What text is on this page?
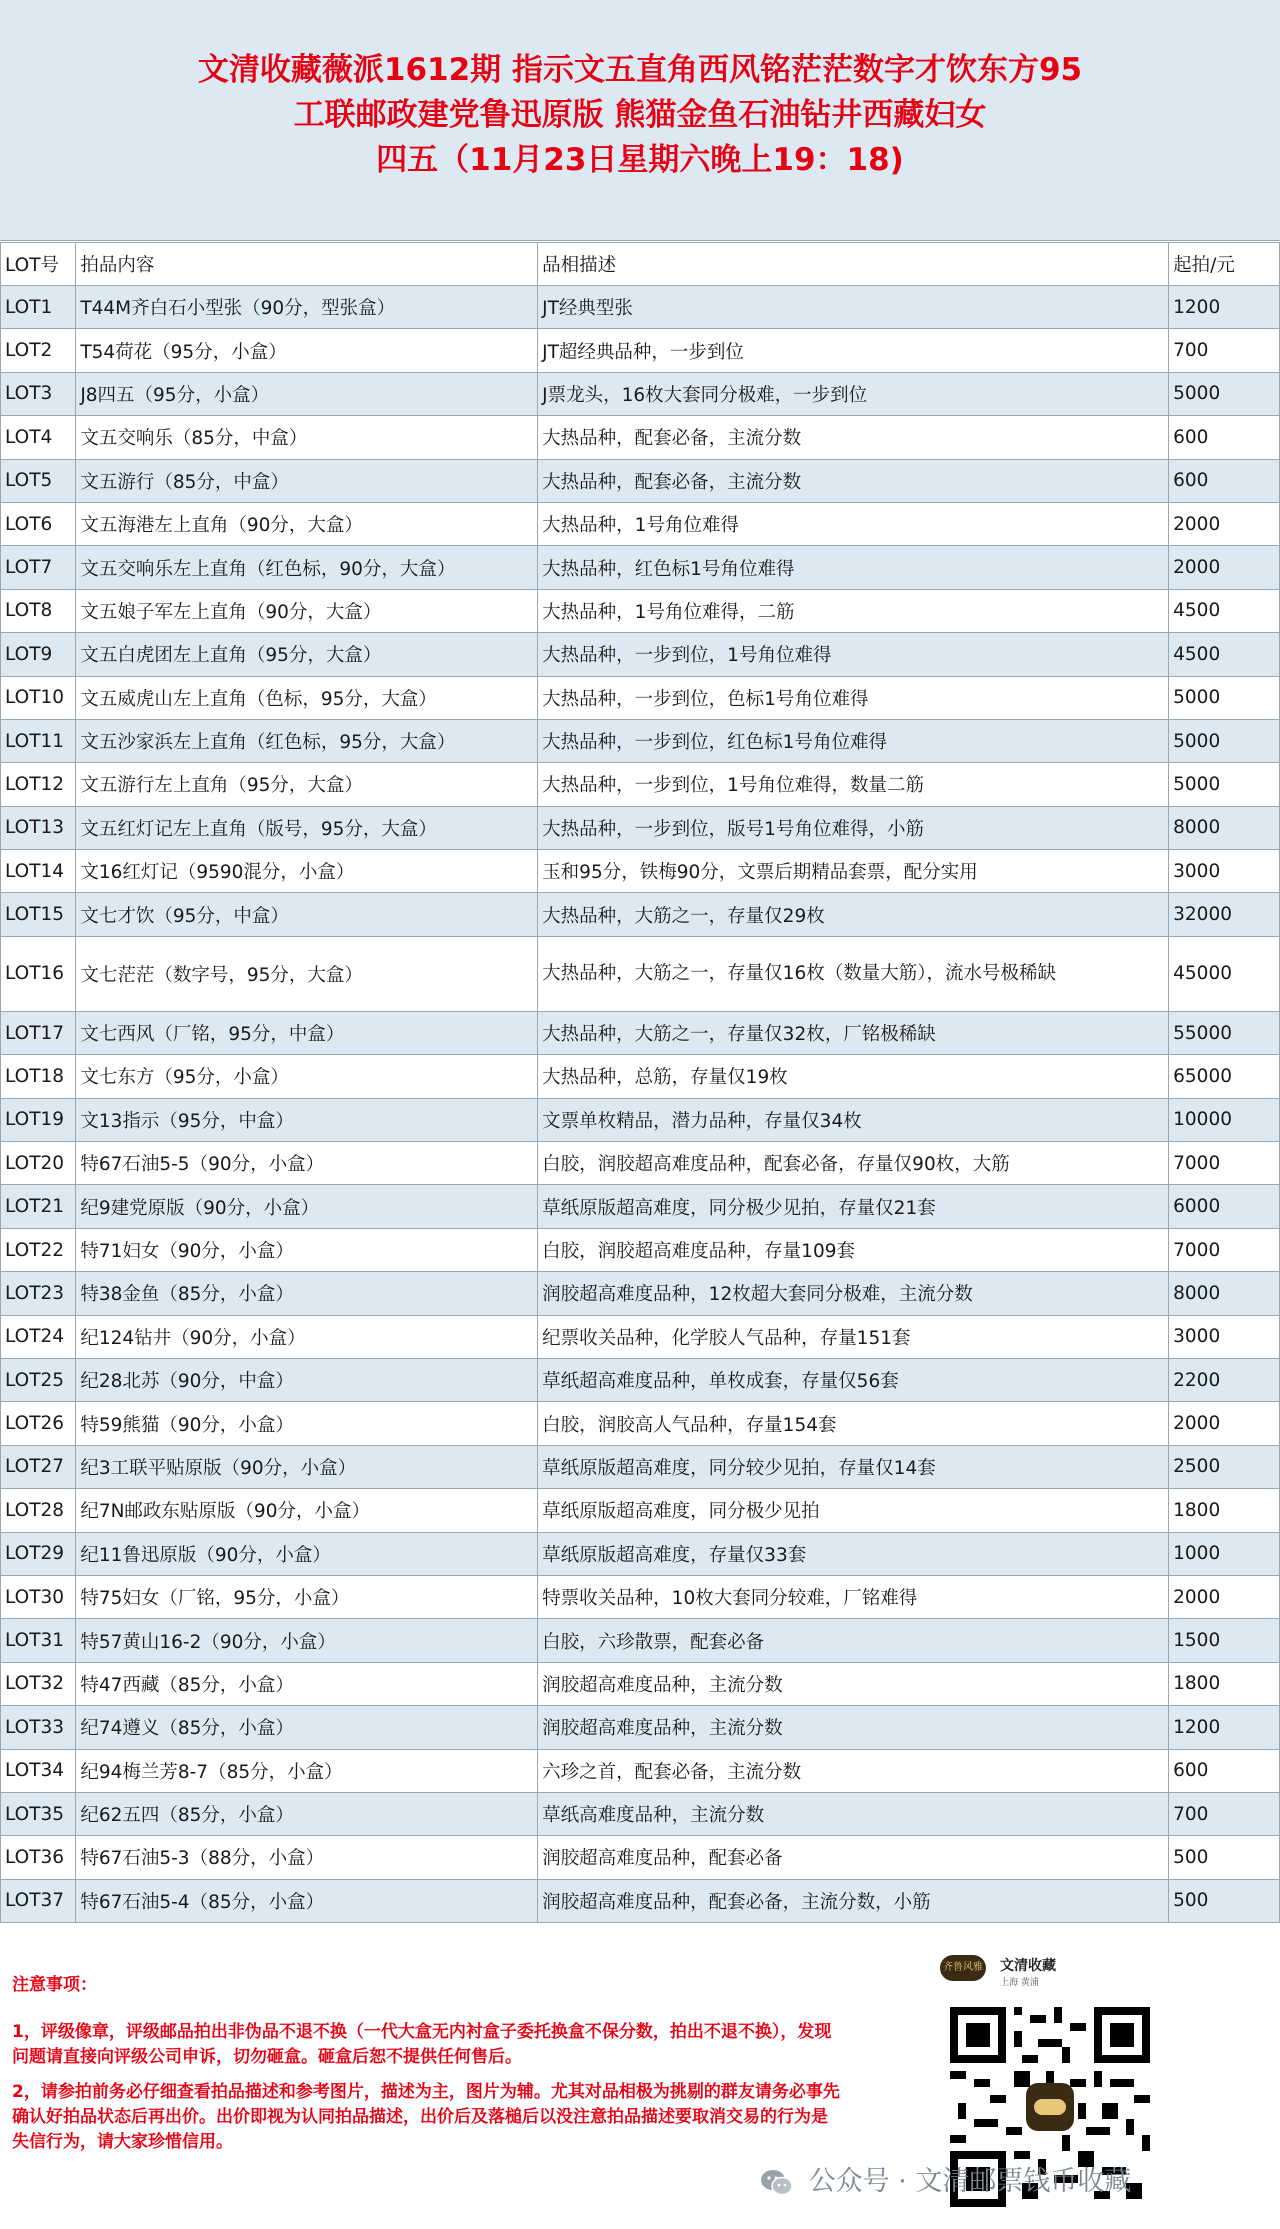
文清收藏薇派1612期 指示文五直角西风铭茫茫数字才饮东方95
工联邮政建党鲁迅原版 熊猫金鱼石油钻井西藏妇女
四五（11月23日星期六晚上19：18)
LOT号	拍品内容	品相描述	起拍/元
LOT1	T44M齐白石小型张（90分，型张盒）	JT经典型张	1200
LOT2	T54荷花（95分，小盒）	JT超经典品种，一步到位	700
LOT3	J8四五（95分，小盒）	J票龙头，16枚大套同分极难，一步到位	5000
LOT4	文五交响乐（85分，中盒）	大热品种，配套必备，主流分数	600
LOT5	文五游行（85分，中盒）	大热品种，配套必备，主流分数	600
LOT6	文五海港左上直角（90分，大盒）	大热品种，1号角位难得	2000
LOT7	文五交响乐左上直角（红色标，90分，大盒）	大热品种，红色标1号角位难得	2000
LOT8	文五娘子军左上直角（90分，大盒）	大热品种，1号角位难得，二筋	4500
LOT9	文五白虎团左上直角（95分，大盒）	大热品种，一步到位，1号角位难得	4500
LOT10	文五威虎山左上直角（色标，95分，大盒）	大热品种，一步到位，色标1号角位难得	5000
LOT11	文五沙家浜左上直角（红色标，95分，大盒）	大热品种，一步到位，红色标1号角位难得	5000
LOT12	文五游行左上直角（95分，大盒）	大热品种，一步到位，1号角位难得，数量二筋	5000
LOT13	文五红灯记左上直角（版号，95分，大盒）	大热品种，一步到位，版号1号角位难得，小筋	8000
LOT14	文16红灯记（9590混分，小盒）	玉和95分，铁梅90分，文票后期精品套票，配分实用	3000
LOT15	文七才饮（95分，中盒）	大热品种，大筋之一，存量仅29枚	32000
LOT16	文七茫茫（数字号，95分，大盒）	大热品种，大筋之一，存量仅16枚（数量大筋），流水号极稀缺	45000
LOT17	文七西风（厂铭，95分，中盒）	大热品种，大筋之一，存量仅32枚，厂铭极稀缺	55000
LOT18	文七东方（95分，小盒）	大热品种，总筋，存量仅19枚	65000
LOT19	文13指示（95分，中盒）	文票单枚精品，潜力品种，存量仅34枚	10000
LOT20	特67石油5-5（90分，小盒）	白胶，润胶超高难度品种，配套必备，存量仅90枚，大筋	7000
LOT21	纪9建党原版（90分，小盒）	草纸原版超高难度，同分极少见拍，存量仅21套	6000
LOT22	特71妇女（90分，小盒）	白胶，润胶超高难度品种，存量109套	7000
LOT23	特38金鱼（85分，小盒）	润胶超高难度品种，12枚超大套同分极难，主流分数	8000
LOT24	纪124钻井（90分，小盒）	纪票收关品种，化学胶人气品种，存量151套	3000
LOT25	纪28北苏（90分，中盒）	草纸超高难度品种，单枚成套，存量仅56套	2200
LOT26	特59熊猫（90分，小盒）	白胶，润胶高人气品种，存量154套	2000
LOT27	纪3工联平贴原版（90分，小盒）	草纸原版超高难度，同分较少见拍，存量仅14套	2500
LOT28	纪7N邮政东贴原版（90分，小盒）	草纸原版超高难度，同分极少见拍	1800
LOT29	纪11鲁迅原版（90分，小盒）	草纸原版超高难度，存量仅33套	1000
LOT30	特75妇女（厂铭，95分，小盒）	特票收关品种，10枚大套同分较难，厂铭难得	2000
LOT31	特57黄山16-2（90分，小盒）	白胶，六珍散票，配套必备	1500
LOT32	特47西藏（85分，小盒）	润胶超高难度品种，主流分数	1800
LOT33	纪74遵义（85分，小盒）	润胶超高难度品种，主流分数	1200
LOT34	纪94梅兰芳8-7（85分，小盒）	六珍之首，配套必备，主流分数	600
LOT35	纪62五四（85分，小盒）	草纸高难度品种，主流分数	700
LOT36	特67石油5-3（88分，小盒）	润胶超高难度品种，配套必备	500
LOT37	特67石油5-4（85分，小盒）	润胶超高难度品种，配套必备，主流分数，小筋	500

注意事项：

1，评级像章，评级邮品拍出非伪品不退不换（一代大盒无内衬盒子委托换盒不保分数，拍出不退不换），发现问题请直接向评级公司申诉，切勿砸盒。砸盒后恕不提供任何售后。

2，请参拍前务必仔细查看拍品描述和参考图片，描述为主，图片为辅。尤其对品相极为挑剔的群友请务必事先确认好拍品状态后再出价。出价即视为认同拍品描述，出价后及落槌后以没注意拍品描述要取消交易的行为是失信行为，请大家珍惜信用。

齐鲁风雅	文清收藏
上海 黄浦
公众号 · 文清邮票钱币收藏
